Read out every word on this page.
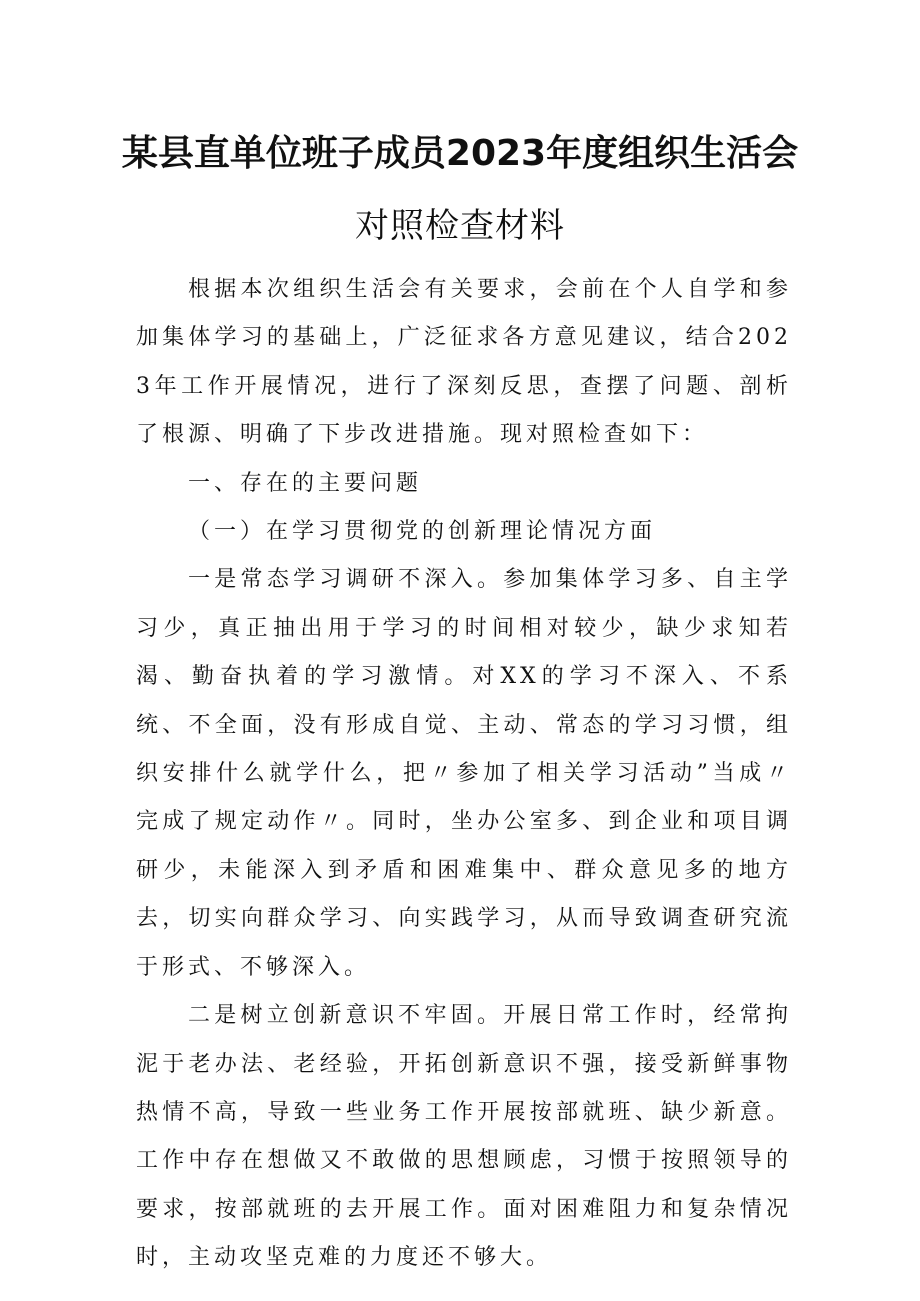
某县直单位班子成员2023年度组织生活会
对照检查材料

根据本次组织生活会有关要求，会前在个人自学和参加集体学习的基础上，广泛征求各方意见建议，结合2023年工作开展情况，进行了深刻反思，查摆了问题、剖析了根源、明确了下步改进措施。现对照检查如下：

一、存在的主要问题

（一）在学习贯彻党的创新理论情况方面

一是常态学习调研不深入。参加集体学习多、自主学习少，真正抽出用于学习的时间相对较少，缺少求知若渴、勤奋执着的学习激情。对XX的学习不深入、不系统、不全面，没有形成自觉、主动、常态的学习习惯，组织安排什么就学什么，把〃参加了相关学习活动”当成〃完成了规定动作〃。同时，坐办公室多、到企业和项目调研少，未能深入到矛盾和困难集中、群众意见多的地方去，切实向群众学习、向实践学习，从而导致调查研究流于形式、不够深入。

二是树立创新意识不牢固。开展日常工作时，经常拘泥于老办法、老经验，开拓创新意识不强，接受新鲜事物热情不高，导致一些业务工作开展按部就班、缺少新意。工作中存在想做又不敢做的思想顾虑，习惯于按照领导的要求，按部就班的去开展工作。面对困难阻力和复杂情况时，主动攻坚克难的力度还不够大。
